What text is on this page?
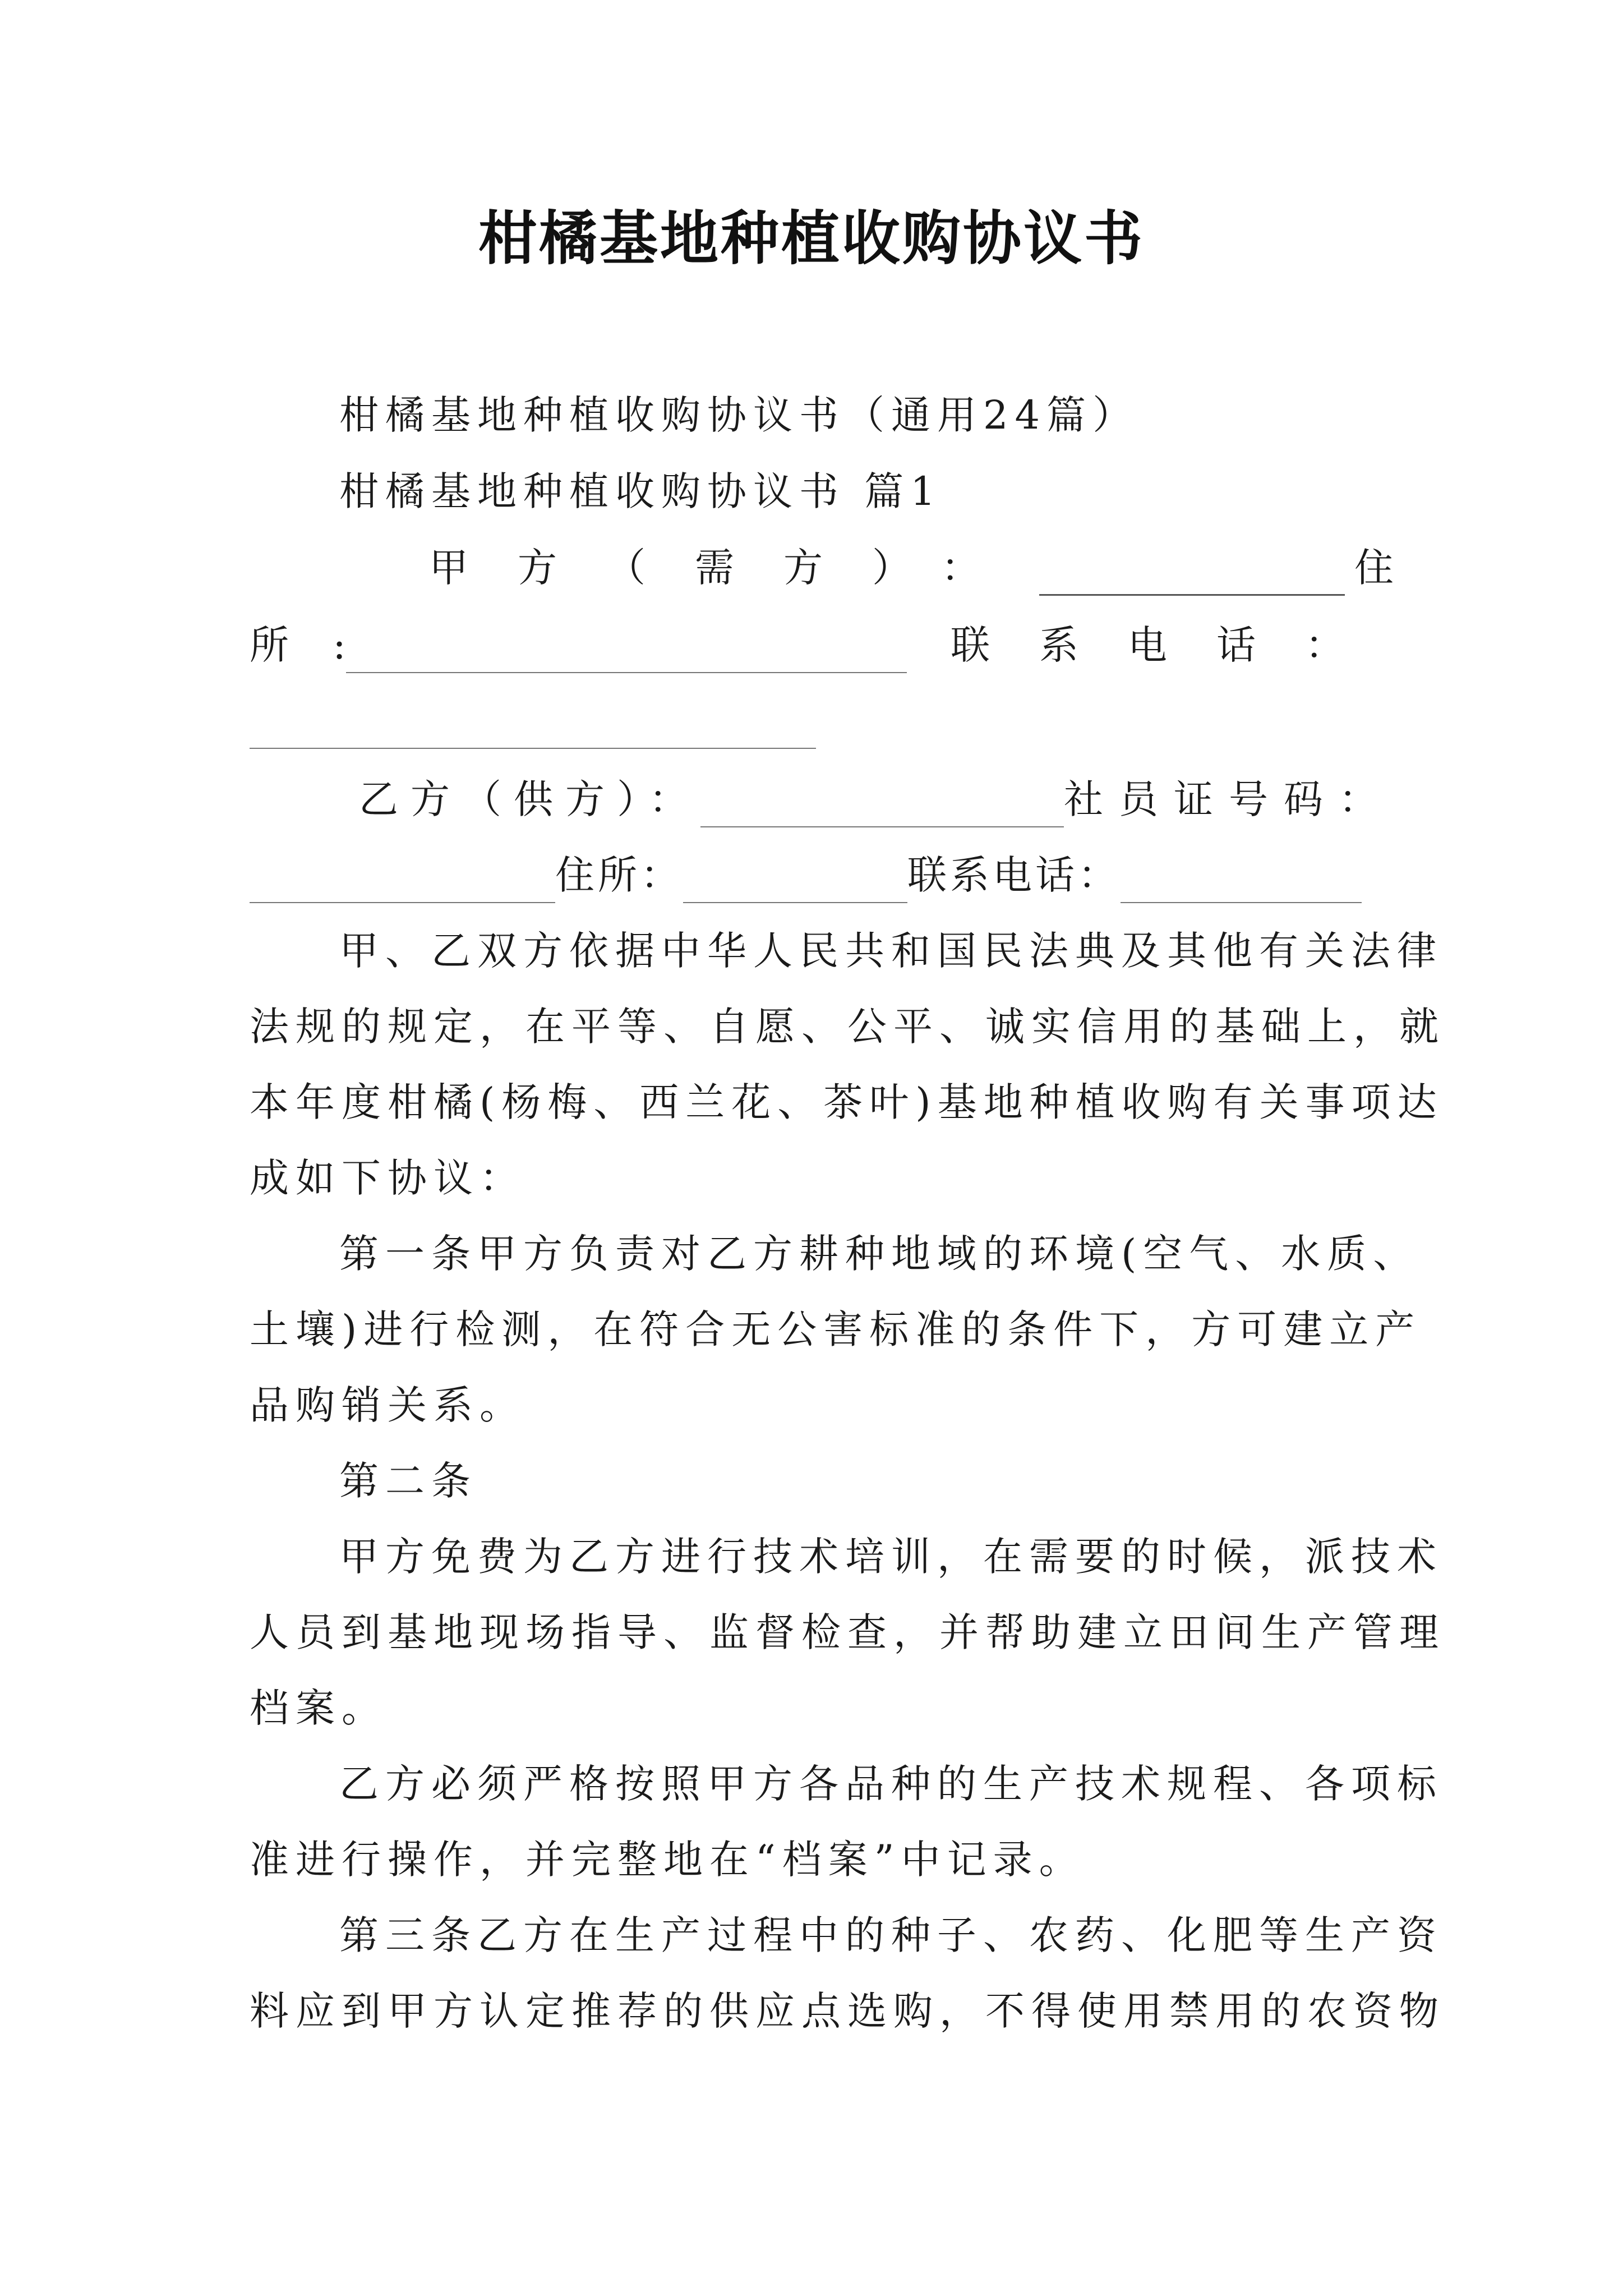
柑橘基地种植收购协议书
柑橘基地种植收购协议书（通用24篇）
柑橘基地种植收购协议书 篇1
甲方（需方）：	住
所 :	联系电话：
乙方（供方）：	社员证号码：
住所：	联系电话：
甲、乙双方依据中华人民共和国民法典及其他有关法律
法规的规定，在平等、自愿、公平、诚实信用的基础上，就
本年度柑橘(杨梅、西兰花、茶叶)基地种植收购有关事项达
成如下协议：
第一条甲方负责对乙方耕种地域的环境(空气、水质、
土壤)进行检测，在符合无公害标准的条件下，方可建立产
品购销关系。
第二条
甲方免费为乙方进行技术培训，在需要的时候，派技术
人员到基地现场指导、监督检查，并帮助建立田间生产管理
档案。
乙方必须严格按照甲方各品种的生产技术规程、各项标
准进行操作，并完整地在“档案”中记录。
第三条乙方在生产过程中的种子、农药、化肥等生产资
料应到甲方认定推荐的供应点选购，不得使用禁用的农资物
